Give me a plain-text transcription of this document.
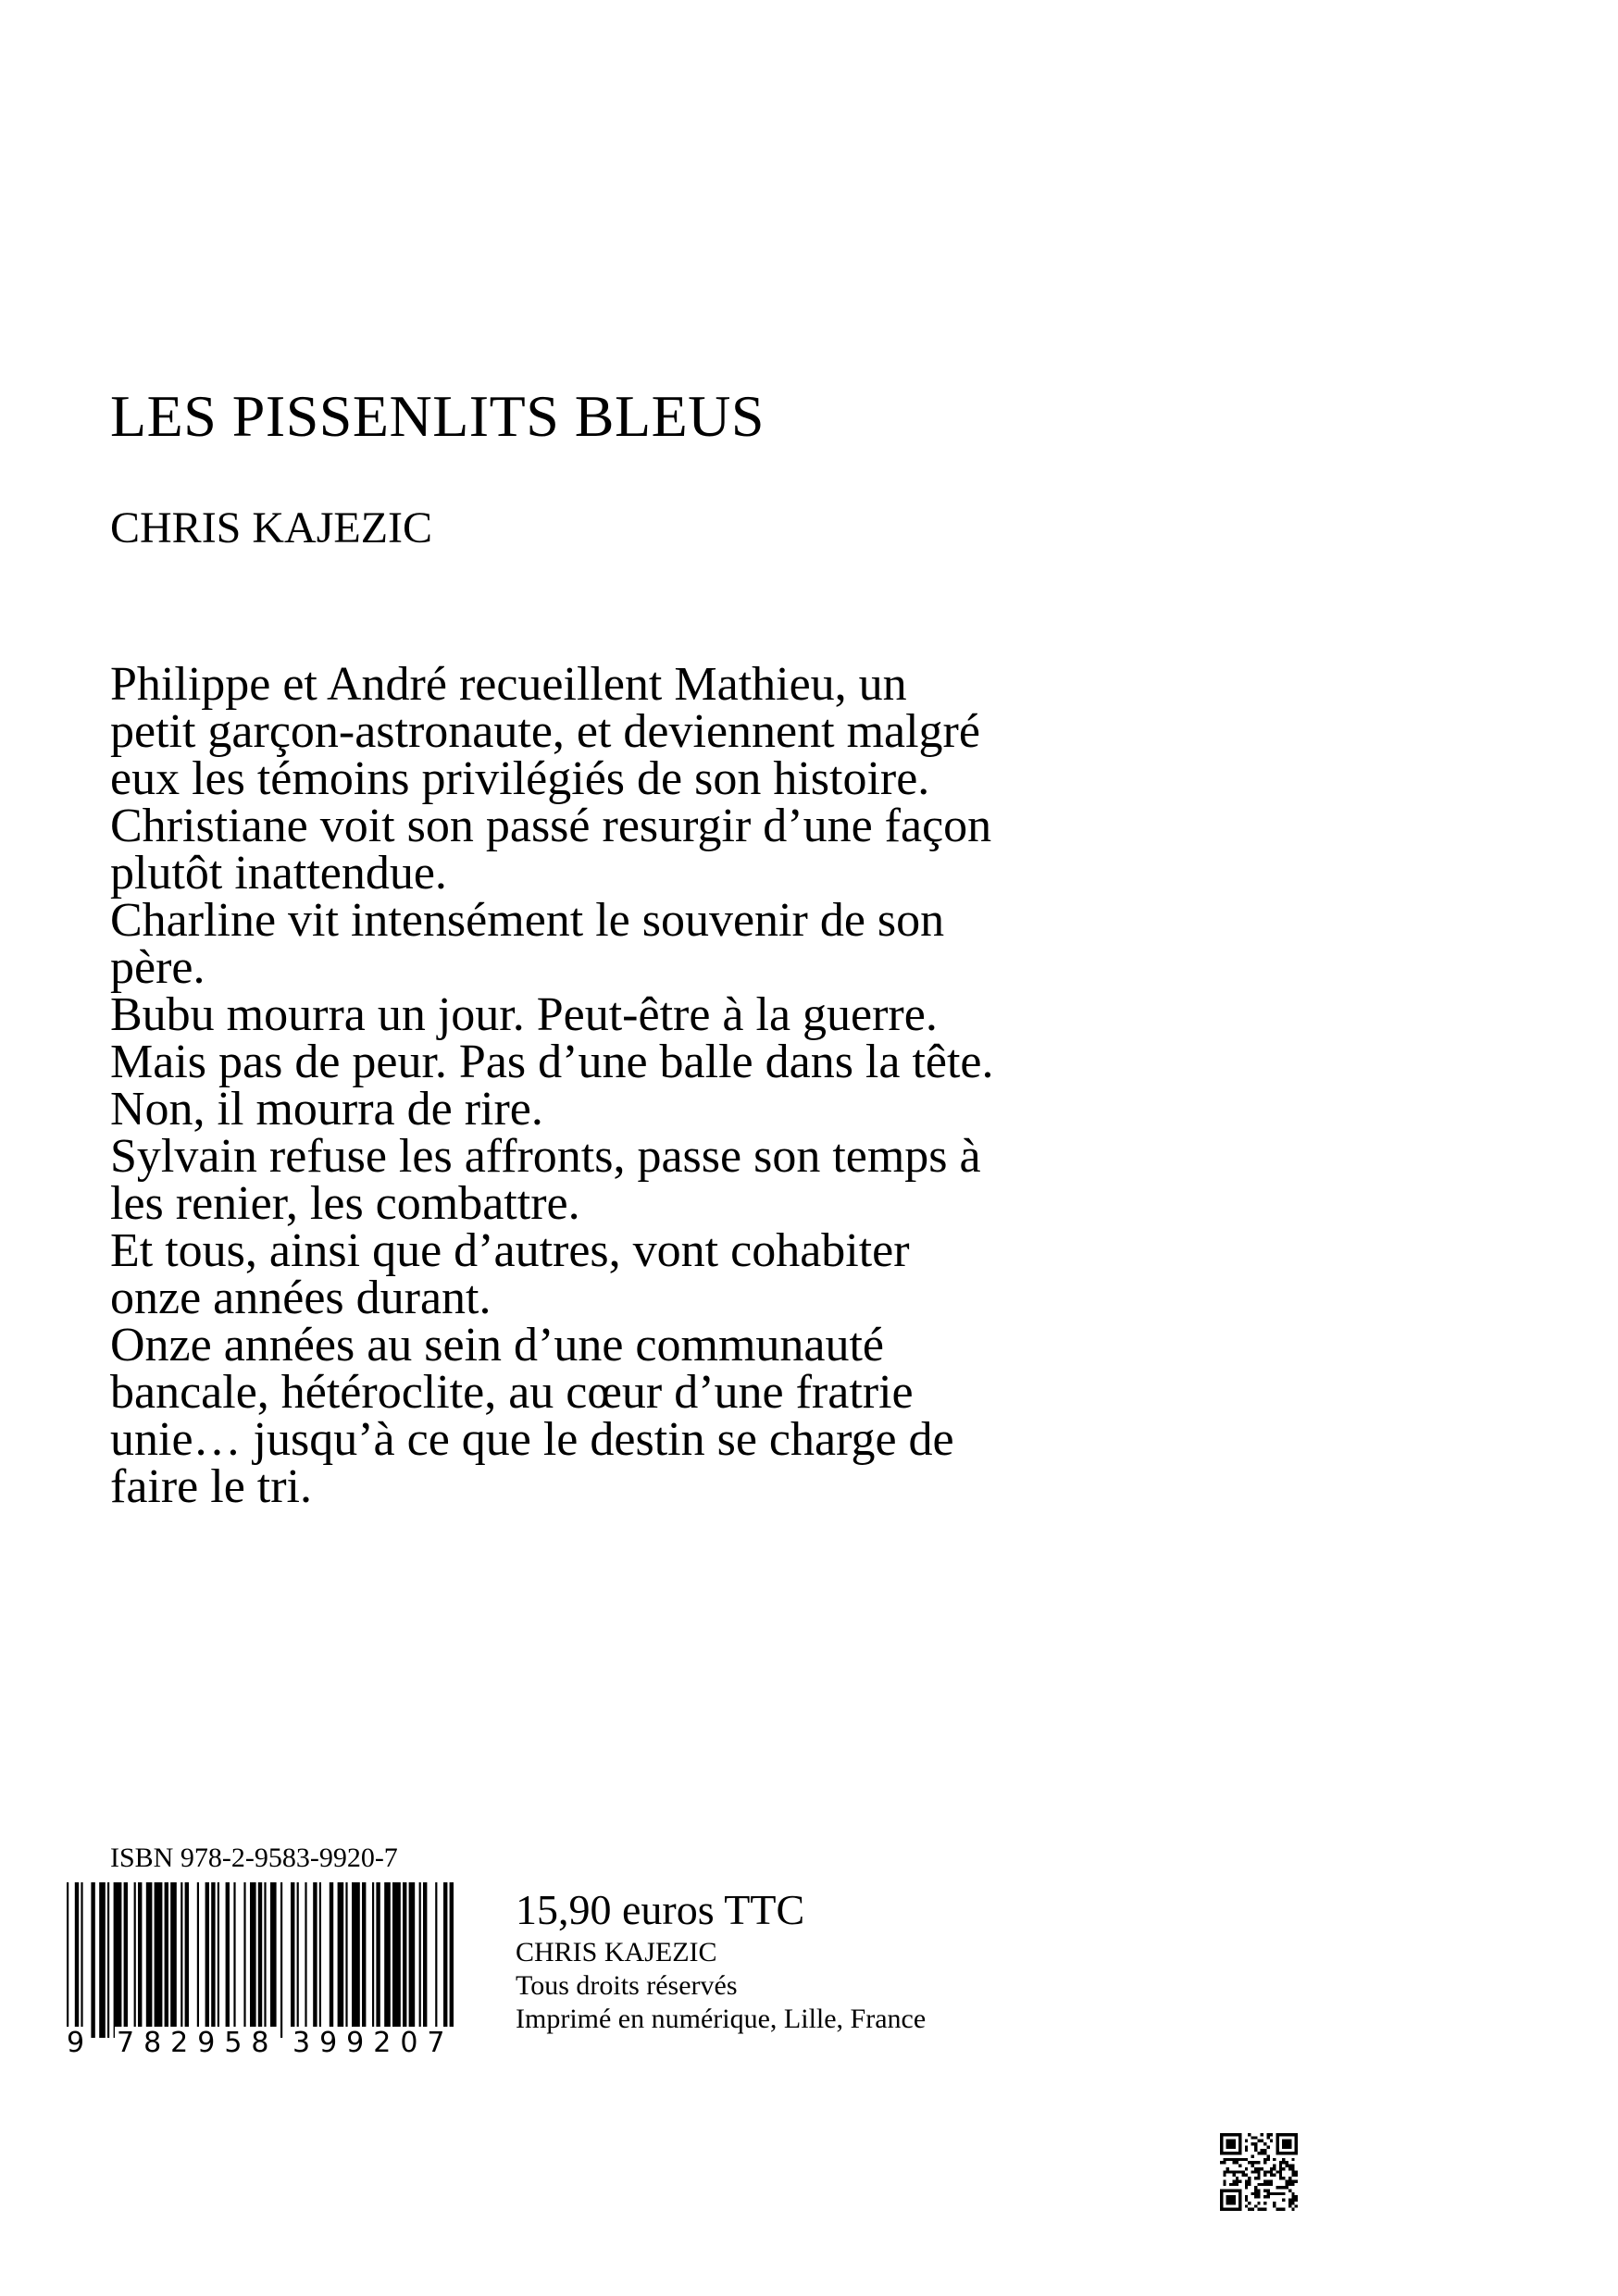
LES PISSENLITS BLEUS
CHRIS KAJEZIC
Philippe et André recueillent Mathieu, un
petit garçon-astronaute, et deviennent malgré
eux les témoins privilégiés de son histoire.
Christiane voit son passé resurgir d’une façon
plutôt inattendue.
Charline vit intensément le souvenir de son
père.
Bubu mourra un jour. Peut-être à la guerre.
Mais pas de peur. Pas d’une balle dans la tête.
Non, il mourra de rire.
Sylvain refuse les affronts, passe son temps à
les renier, les combattre.
Et tous, ainsi que d’autres, vont cohabiter
onze années durant.
Onze années au sein d’une communauté
bancale, hétéroclite, au cœur d’une fratrie
unie… jusqu’à ce que le destin se charge de
faire le tri.
ISBN 978-2-9583-9920-7
9 782958 399207
15,90 euros TTC
CHRIS KAJEZIC
Tous droits réservés
Imprimé en numérique, Lille, France
